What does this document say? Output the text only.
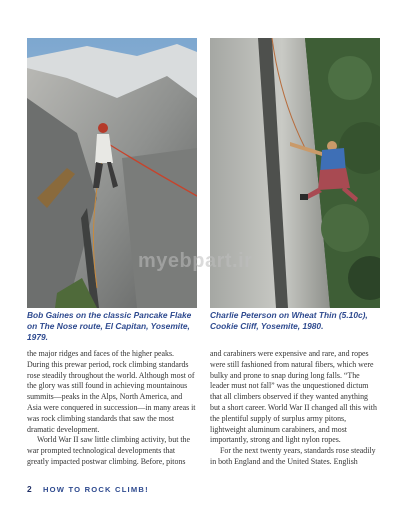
myebpart.ir
Bob Gaines on the classic Pancake Flake on The Nose route, El Capitan, Yosemite, 1979.
Charlie Peterson on Wheat Thin (5.10c), Cookie Cliff, Yosemite, 1980.

the major ridges and faces of the higher peaks. During this prewar period, rock climbing standards rose steadily throughout the world. Although most of the glory was still found in achieving mountainous summits—peaks in the Alps, North America, and Asia were conquered in succession—in many areas it was rock climbing standards that saw the most dramatic development.

World War II saw little climbing activity, but the war prompted technological developments that greatly impacted postwar climbing. Before, pitons

and carabiners were expensive and rare, and ropes were still fashioned from natural fibers, which were bulky and prone to snap during long falls. “The leader must not fall” was the unquestioned dictum that all climbers observed if they wanted anything but a short career. World War II changed all this with the plentiful supply of surplus army pitons, lightweight aluminum carabiners, and most importantly, strong and light nylon ropes.

For the next twenty years, standards rose steadily in both England and the United States. English

2 HOW TO ROCK CLIMB!
